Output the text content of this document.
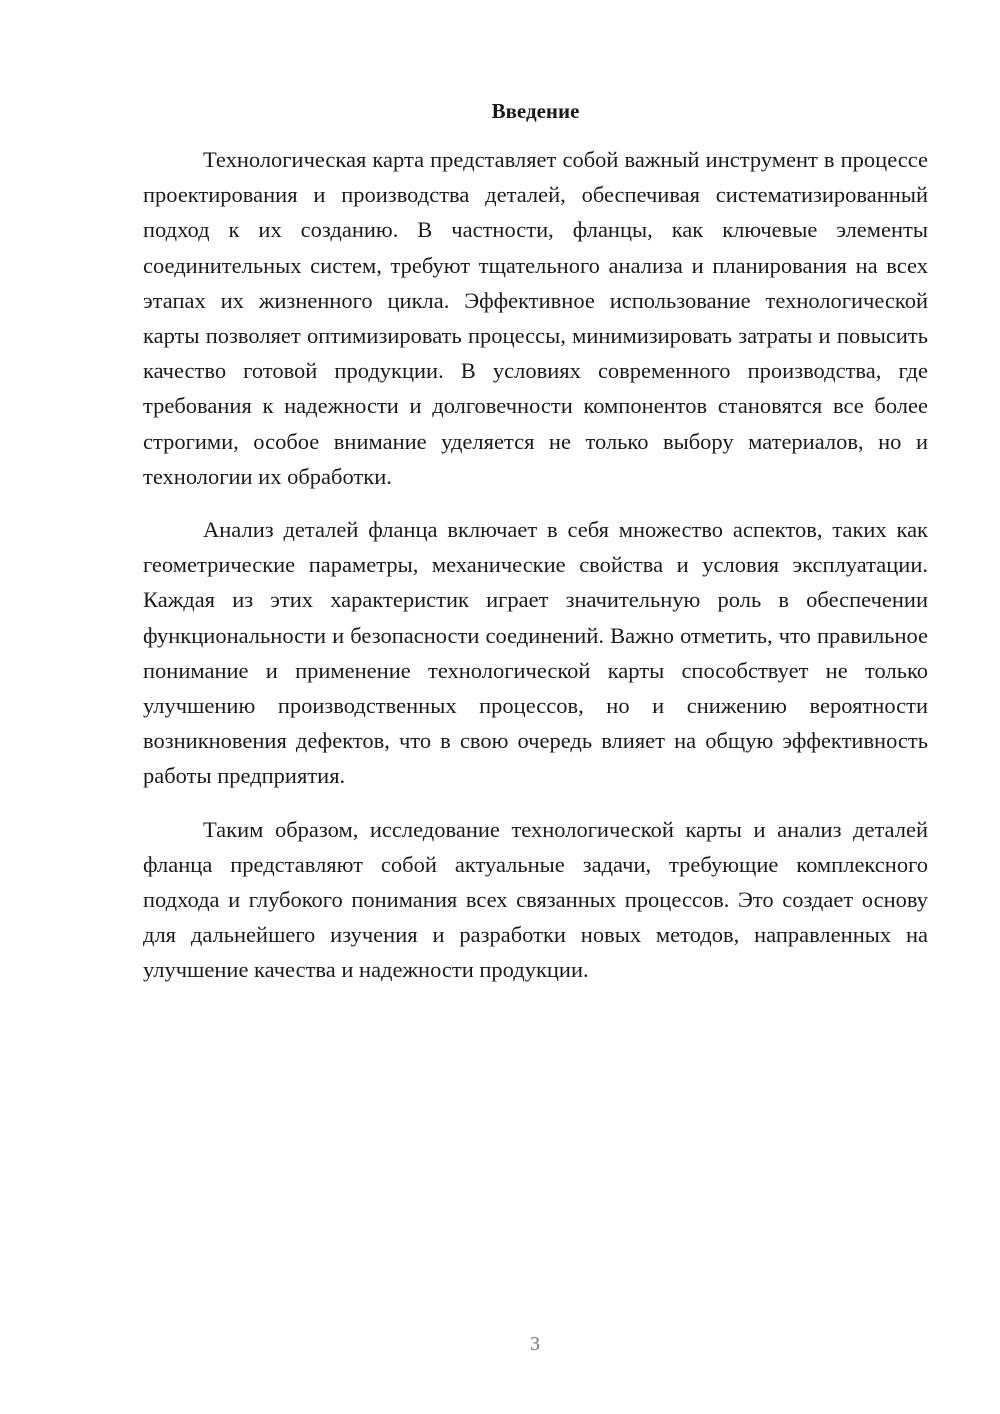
Введение

Технологическая карта представляет собой важный инструмент в процессе проектирования и производства деталей, обеспечивая систематизированный подход к их созданию. В частности, фланцы, как ключевые элементы соединительных систем, требуют тщательного анализа и планирования на всех этапах их жизненного цикла. Эффективное использование технологической карты позволяет оптимизировать процессы, минимизировать затраты и повысить качество готовой продукции. В условиях современного производства, где требования к надежности и долговечности компонентов становятся все более строгими, особое внимание уделяется не только выбору материалов, но и технологии их обработки.

Анализ деталей фланца включает в себя множество аспектов, таких как геометрические параметры, механические свойства и условия эксплуатации. Каждая из этих характеристик играет значительную роль в обеспечении функциональности и безопасности соединений. Важно отметить, что правильное понимание и применение технологической карты способствует не только улучшению производственных процессов, но и снижению вероятности возникновения дефектов, что в свою очередь влияет на общую эффективность работы предприятия.

Таким образом, исследование технологической карты и анализ деталей фланца представляют собой актуальные задачи, требующие комплексного подхода и глубокого понимания всех связанных процессов. Это создает основу для дальнейшего изучения и разработки новых методов, направленных на улучшение качества и надежности продукции.

3
